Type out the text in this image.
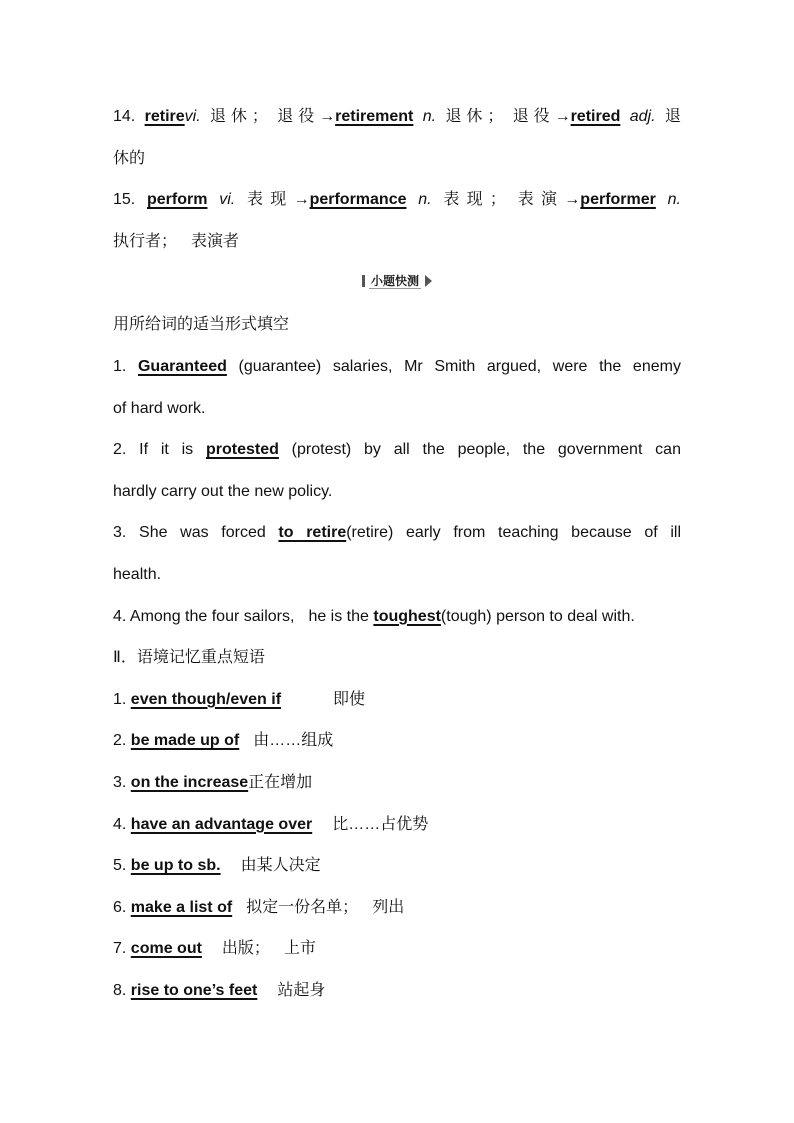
14. retirevi. 退休； 退役→retirement n. 退休； 退役→retired adj. 退
休的
15. perform vi. 表现→performance n. 表现； 表演→performer n.
执行者； 表演者
小题快测
用所给词的适当形式填空
1. Guaranteed (guarantee) salaries, Mr Smith argued, were the enemy
of hard work.
2. If it is protested (protest) by all the people, the government can
hardly carry out the new policy.
3. She was forced to retire(retire) early from teaching because of ill
health.
4. Among the four sailors, he is the toughest(tough) person to deal with.
Ⅱ．语境记忆重点短语
1. even though/even if	即使
2. be made up of 由……组成
3. on the increase正在增加
4. have an advantage over 比……占优势
5. be up to sb. 由某人决定
6. make a list of 拟定一份名单； 列出
7. come out 出版； 上市
8. rise to one’s feet 站起身
